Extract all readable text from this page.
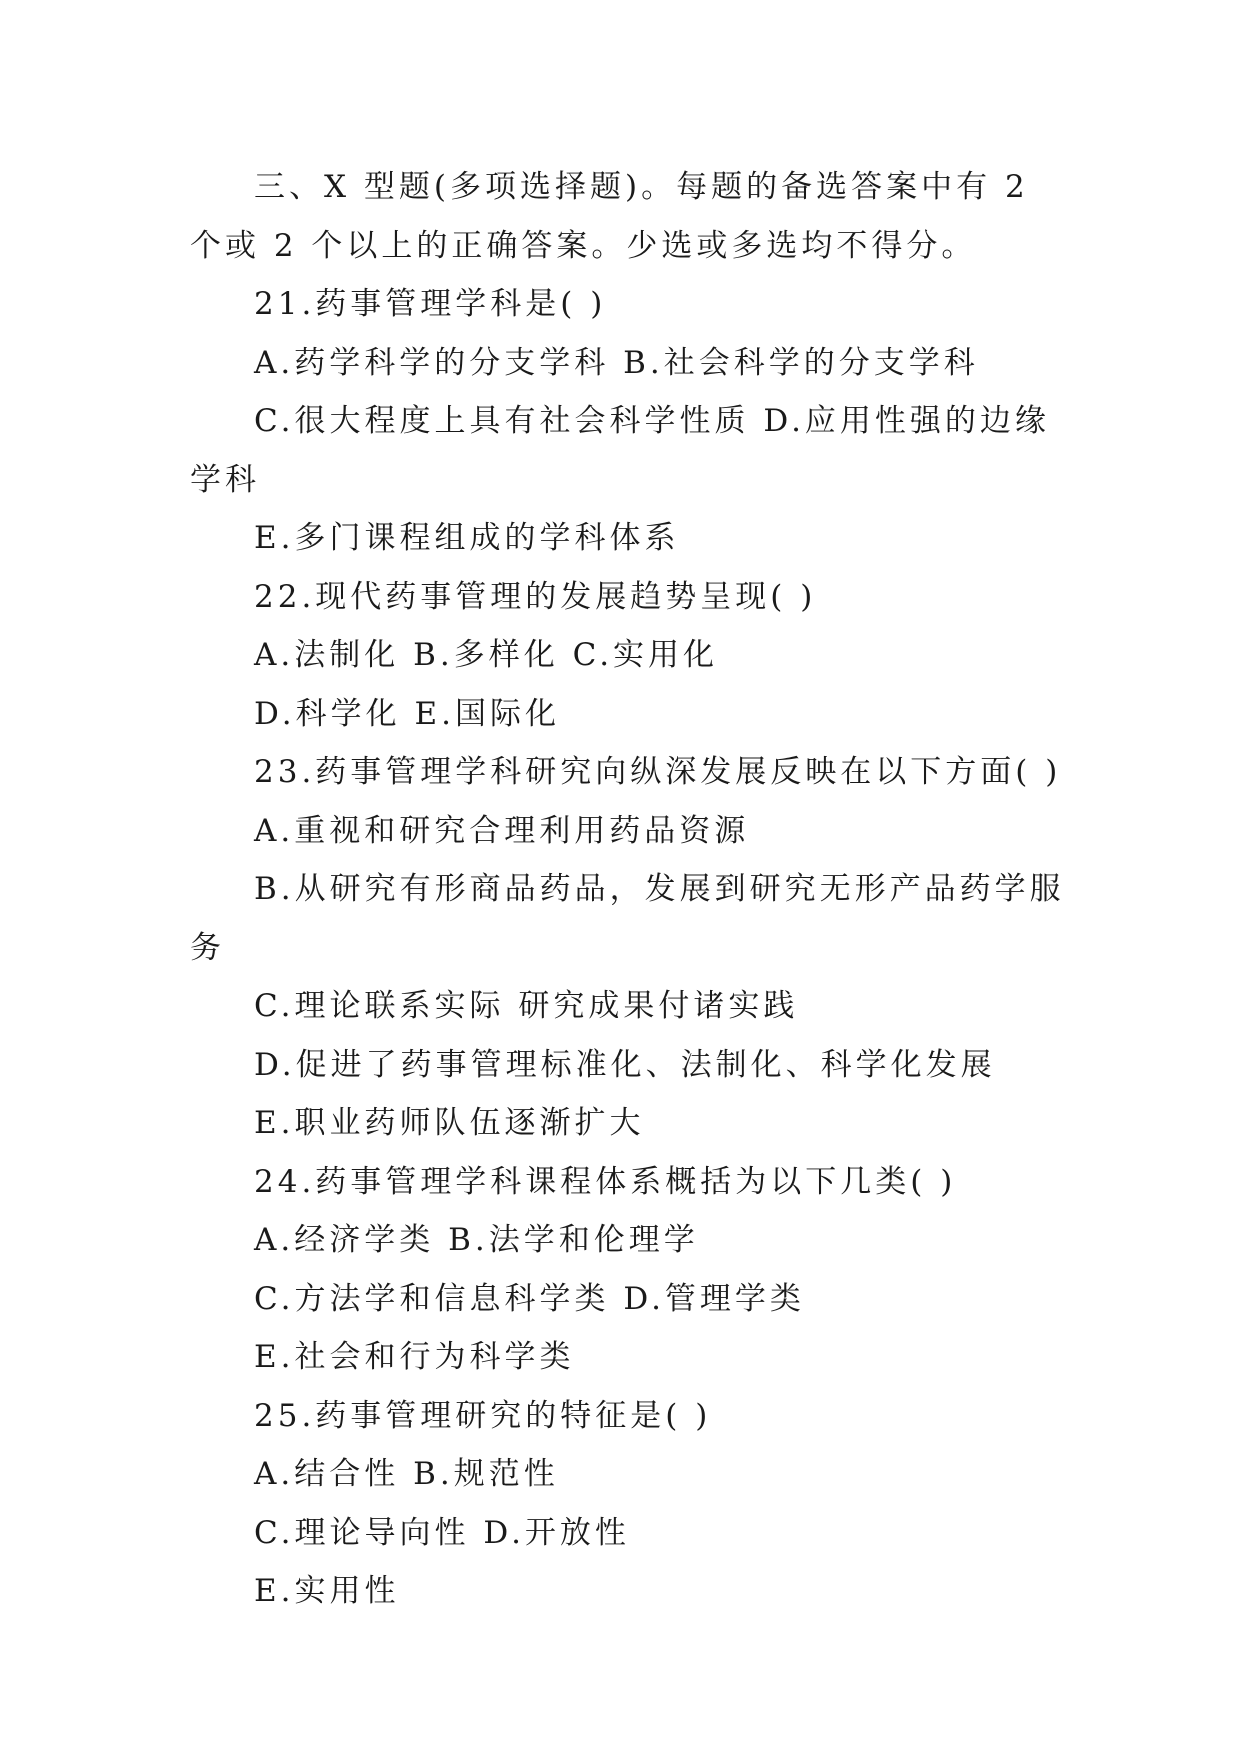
三、X 型题(多项选择题)。每题的备选答案中有 2 个或 2 个以上的正确答案。少选或多选均不得分。

21.药事管理学科是( )

A.药学科学的分支学科 B.社会科学的分支学科

C.很大程度上具有社会科学性质 D.应用性强的边缘学科

E.多门课程组成的学科体系

22.现代药事管理的发展趋势呈现( )

A.法制化 B.多样化 C.实用化

D.科学化 E.国际化

23.药事管理学科研究向纵深发展反映在以下方面( )

A.重视和研究合理利用药品资源

B.从研究有形商品药品，发展到研究无形产品药学服务

C.理论联系实际 研究成果付诸实践

D.促进了药事管理标准化、法制化、科学化发展

E.职业药师队伍逐渐扩大

24.药事管理学科课程体系概括为以下几类( )

A.经济学类 B.法学和伦理学

C.方法学和信息科学类 D.管理学类

E.社会和行为科学类

25.药事管理研究的特征是( )

A.结合性 B.规范性

C.理论导向性 D.开放性

E.实用性
